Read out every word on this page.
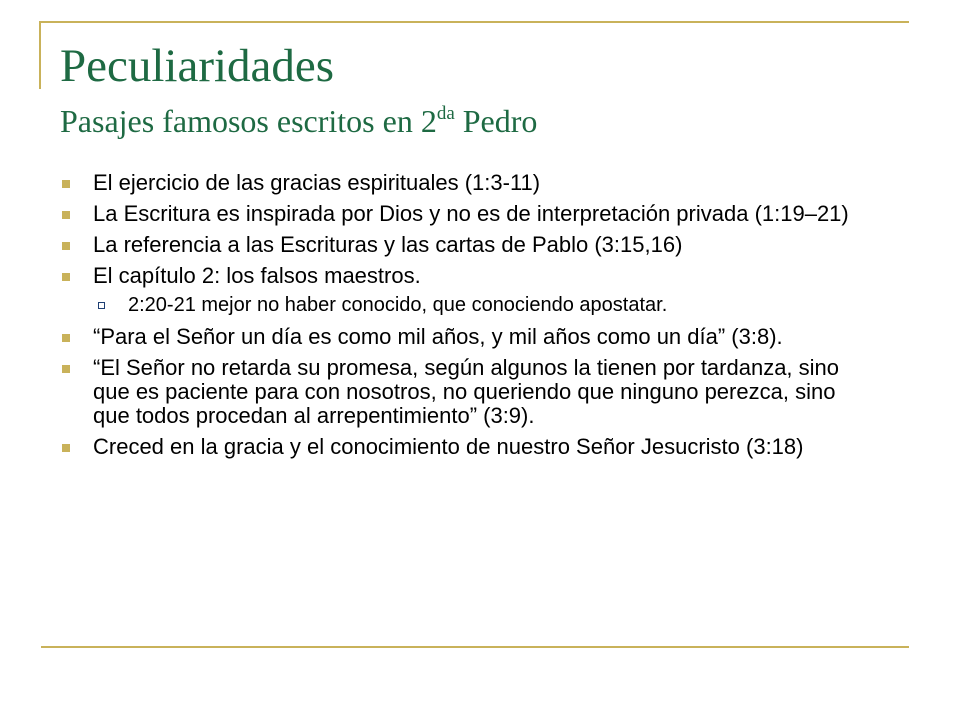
Peculiaridades
Pasajes famosos escritos en $2^{da}$ Pedro
El ejercicio de las gracias espirituales (1:3-11)
La Escritura es inspirada por Dios y no es de interpretación privada (1:19–21)
La referencia a las Escrituras y las cartas de Pablo (3:15,16)
El capítulo 2: los falsos maestros.
2:20-21 mejor no haber conocido, que conociendo apostatar.
“Para el Señor un día es como mil años, y mil años como un día” (3:8).
“El Señor no retarda su promesa, según algunos la tienen por tardanza, sino que es paciente para con nosotros, no queriendo que ninguno perezca, sino que todos procedan al arrepentimiento” (3:9).
Creced en la gracia y el conocimiento de nuestro Señor Jesucristo (3:18)
